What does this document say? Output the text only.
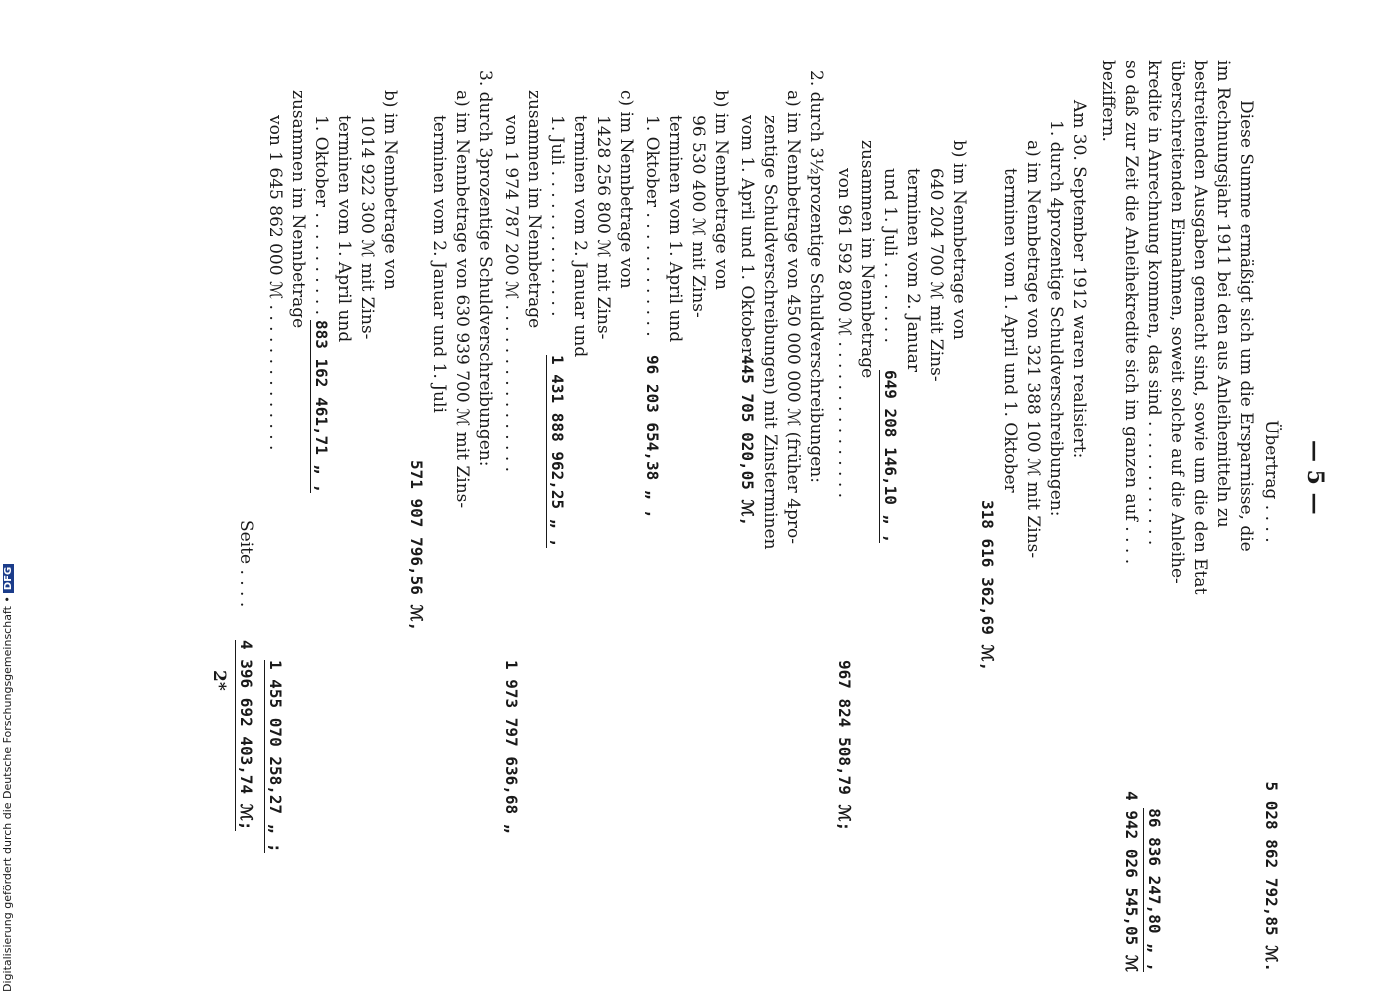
— 5 —
Übertrag . . . .
5 028 862 792,85 ℳ.
Diese Summe ermäßigt sich um die Ersparnisse, die
im Rechnungsjahr 1911 bei den aus Anleihemitteln zu
bestreitenden Ausgaben gemacht sind, sowie um die den Etat
überschreitenden Einnahmen, soweit solche auf die Anleihe-
kredite in Anrechnung kommen, das sind . . . . . . . . . . . .
86 836 247,80 „ ,
so daß zur Zeit die Anleihekredite sich im ganzen auf . . . .
4 942 026 545,05 ℳ
beziffern.
Am 30. September 1912 waren realisiert:
1. durch 4prozentige Schuldverschreibungen:
a) im Nennbetrage von 321 388 100 ℳ mit Zins-
terminen vom 1. April und 1. Oktober
318 616 362,69 ℳ,
b) im Nennbetrage von
640 204 700 ℳ mit Zins-
terminen vom 2. Januar
und 1. Juli . . . . . . . .
649 208 146,10 „ ,
zusammen im Nennbetrage
von 961 592 800 ℳ . . . . . . . . . . . . . . .
967 824 508,79 ℳ;
2. durch 3½prozentige Schuldverschreibungen:
a) im Nennbetrage von 450 000 000 ℳ (früher 4pro-
zentige Schuldverschreibungen) mit Zinsterminen
vom 1. April und 1. Oktober
445 705 020,05 ℳ,
b) im Nennbetrage von
96 530 400 ℳ mit Zins-
terminen vom 1. April und
1. Oktober . . . . . . . . . . . .
96 203 654,38 „ ,
c) im Nennbetrage von
1428 256 800 ℳ mit Zins-
terminen vom 2. Januar und
1. Juli . . . . . . . . . . . . . .
1 431 888 962,25 „ ,
zusammen im Nennbetrage
von 1 974 787 200 ℳ . . . . . . . . . . . . . . . .
1 973 797 636,68 „
3. durch 3prozentige Schuldverschreibungen:
a) im Nennbetrage von 630 939 700 ℳ mit Zins-
terminen vom 2. Januar und 1. Juli
571 907 796,56 ℳ,
b) im Nennbetrage von
1014 922 300 ℳ mit Zins-
terminen vom 1. April und
1. Oktober . . . . . . . . . . .
883 162 461,71 „ ,
zusammen im Nennbetrage
von 1 645 862 000 ℳ . . . . . . . . . . . . . .
1 455 070 258,27 „ ;
Seite . . . .
4 396 692 403,74 ℳ;
2*
Digitalisierung gefördert durch die Deutsche Forschungsgemeinschaft •DFG
